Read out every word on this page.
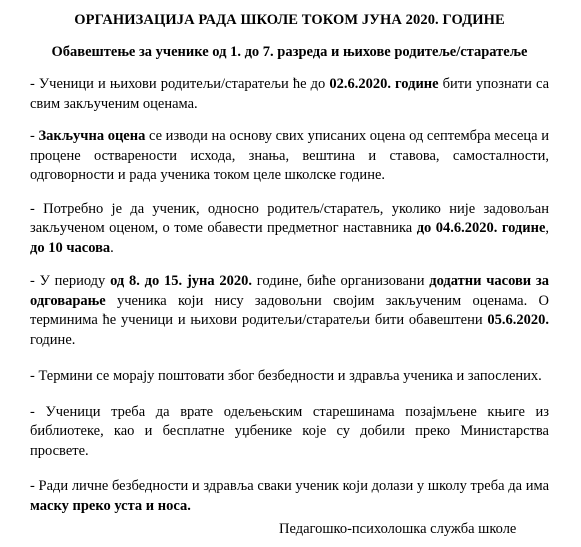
ОРГАНИЗАЦИЈА РАДА ШКОЛЕ ТОКОМ ЈУНА 2020. ГОДИНЕ
Обавештење за ученике од 1. до 7. разреда и њихове родитеље/старатеље

- Ученици и њихови родитељи/старатељи ће до 02.6.2020. године бити упознати са свим закљученим оценама.

- Закључна оцена се изводи на основу свих уписаних оцена од септембра месеца и процене остварености исхода, знања, вештина и ставова, самосталности, одговорности и рада ученика током целе школске године.

- Потребно је да ученик, односно родитељ/старатељ, уколико није задовољан закљученом оценом, о томе обавести предметног наставника до 04.6.2020. године, до 10 часова.

- У периоду од 8. до 15. јуна 2020. године, биће организовани додатни часови за одговарање ученика који нису задовољни својим закљученим оценама. О терминима ће ученици и њихови родитељи/старатељи бити обавештени 05.6.2020. године.

- Термини се морају поштовати због безбедности и здравља ученика и запослених.

- Ученици треба да врате одељењским старешинама позајмљене књиге из библиотеке, као и бесплатне уџбенике које су добили преко Министарства просвете.

- Ради личне безбедности и здравља сваки ученик који долази у школу треба да има маску преко уста и носа.

Педагошко-психолошка служба школе
